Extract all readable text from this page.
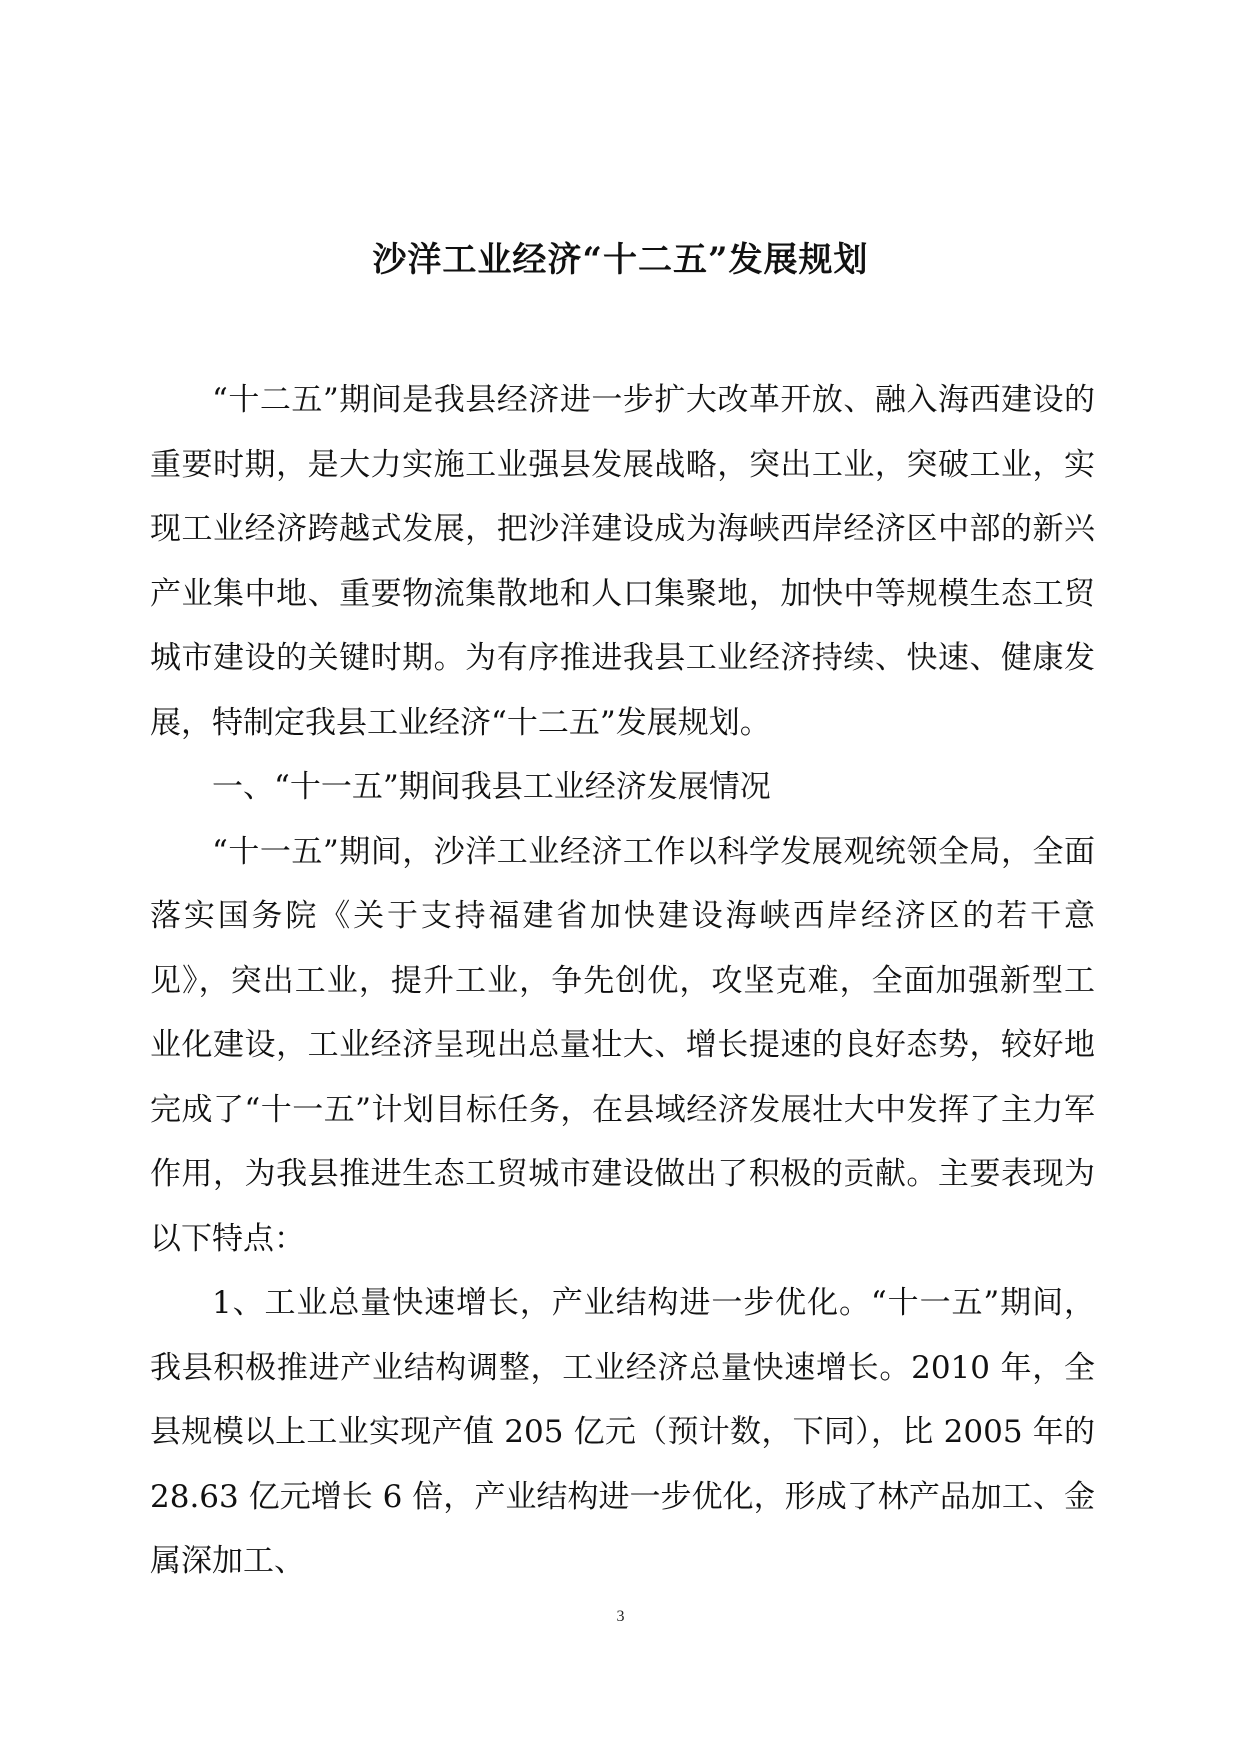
沙洋工业经济“十二五”发展规划

“十二五”期间是我县经济进一步扩大改革开放、融入海西建设的重要时期，是大力实施工业强县发展战略，突出工业，突破工业，实现工业经济跨越式发展，把沙洋建设成为海峡西岸经济区中部的新兴产业集中地、重要物流集散地和人口集聚地，加快中等规模生态工贸城市建设的关键时期。为有序推进我县工业经济持续、快速、健康发展，特制定我县工业经济“十二五”发展规划。

一、“十一五”期间我县工业经济发展情况

“十一五”期间，沙洋工业经济工作以科学发展观统领全局，全面落实国务院《关于支持福建省加快建设海峡西岸经济区的若干意见》，突出工业，提升工业，争先创优，攻坚克难，全面加强新型工业化建设，工业经济呈现出总量壮大、增长提速的良好态势，较好地完成了“十一五”计划目标任务，在县域经济发展壮大中发挥了主力军作用，为我县推进生态工贸城市建设做出了积极的贡献。主要表现为以下特点：

1、工业总量快速增长，产业结构进一步优化。“十一五”期间，我县积极推进产业结构调整，工业经济总量快速增长。2010 年，全县规模以上工业实现产值 205 亿元（预计数，下同），比 2005 年的 28.63 亿元增长 6 倍，产业结构进一步优化，形成了林产品加工、金属深加工、

3
